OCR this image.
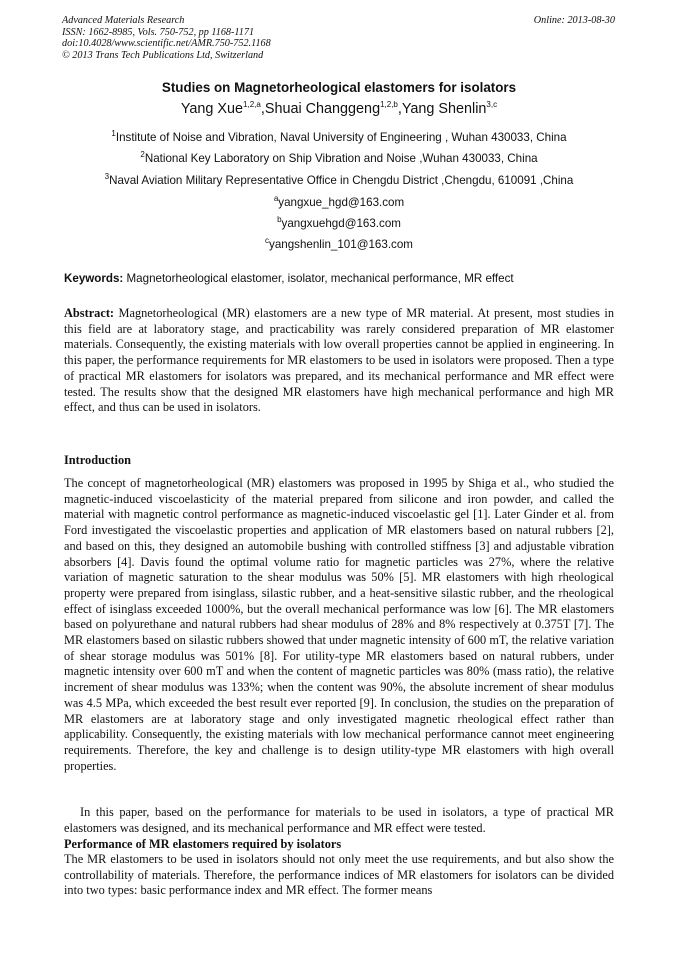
Advanced Materials Research
ISSN: 1662-8985, Vols. 750-752, pp 1168-1171
doi:10.4028/www.scientific.net/AMR.750-752.1168
© 2013 Trans Tech Publications Ltd, Switzerland
Online: 2013-08-30
Studies on Magnetorheological elastomers for isolators
Yang Xue$^{1,2,a}$,Shuai Changgeng$^{1,2,b}$,Yang Shenlin$^{3,c}$
$^1$Institute of Noise and Vibration, Naval University of Engineering , Wuhan 430033, China
$^2$National Key Laboratory on Ship Vibration and Noise ,Wuhan 430033, China
$^3$Naval Aviation Military Representative Office in Chengdu District ,Chengdu, 610091 ,China
$^a$yangxue_hgd@163.com
$^b$yangxuehgd@163.com
$^c$yangshenlin_101@163.com
Keywords: Magnetorheological elastomer, isolator, mechanical performance, MR effect
Abstract: Magnetorheological (MR) elastomers are a new type of MR material. At present, most studies in this field are at laboratory stage, and practicability was rarely considered preparation of MR elastomer materials. Consequently, the existing materials with low overall properties cannot be applied in engineering. In this paper, the performance requirements for MR elastomers to be used in isolators were proposed. Then a type of practical MR elastomers for isolators was prepared, and its mechanical performance and MR effect were tested. The results show that the designed MR elastomers have high mechanical performance and high MR effect, and thus can be used in isolators.
Introduction
The concept of magnetorheological (MR) elastomers was proposed in 1995 by Shiga et al., who studied the magnetic-induced viscoelasticity of the material prepared from silicone and iron powder, and called the material with magnetic control performance as magnetic-induced viscoelastic gel [1]. Later Ginder et al. from Ford investigated the viscoelastic properties and application of MR elastomers based on natural rubbers [2], and based on this, they designed an automobile bushing with controlled stiffness [3] and adjustable vibration absorbers [4]. Davis found the optimal volume ratio for magnetic particles was 27%, where the relative variation of magnetic saturation to the shear modulus was 50% [5]. MR elastomers with high rheological property were prepared from isinglass, silastic rubber, and a heat-sensitive silastic rubber, and the rheological effect of isinglass exceeded 1000%, but the overall mechanical performance was low [6]. The MR elastomers based on polyurethane and natural rubbers had shear modulus of 28% and 8% respectively at 0.375T [7]. The MR elastomers based on silastic rubbers showed that under magnetic intensity of 600 mT, the relative variation of shear storage modulus was 501% [8]. For utility-type MR elastomers based on natural rubbers, under magnetic intensity over 600 mT and when the content of magnetic particles was 80% (mass ratio), the relative increment of shear modulus was 133%; when the content was 90%, the absolute increment of shear modulus was 4.5 MPa, which exceeded the best result ever reported [9]. In conclusion, the studies on the preparation of MR elastomers are at laboratory stage and only investigated magnetic rheological effect rather than applicability. Consequently, the existing materials with low mechanical performance cannot meet engineering requirements. Therefore, the key and challenge is to design utility-type MR elastomers with high overall properties.
In this paper, based on the performance for materials to be used in isolators, a type of practical MR elastomers was designed, and its mechanical performance and MR effect were tested.
Performance of MR elastomers required by isolators
The MR elastomers to be used in isolators should not only meet the use requirements, and but also show the controllability of materials. Therefore, the performance indices of MR elastomers for isolators can be divided into two types: basic performance index and MR effect. The former means
